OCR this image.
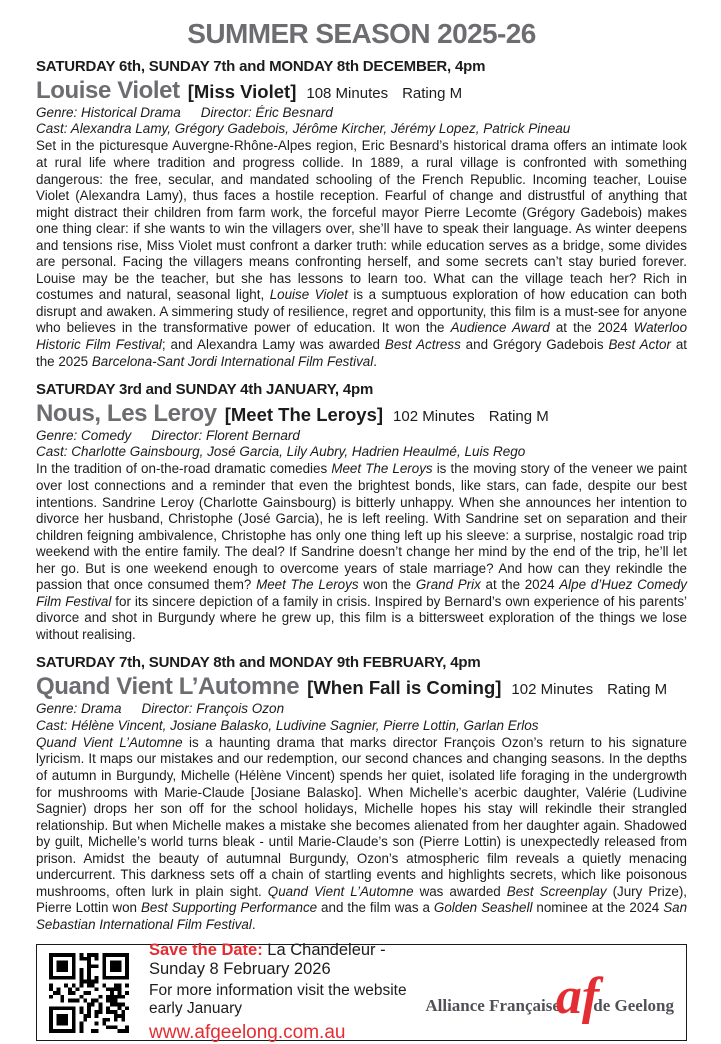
SUMMER SEASON 2025-26
SATURDAY 6th, SUNDAY 7th and MONDAY 8th DECEMBER, 4pm
Louise Violet [Miss Violet] 108 Minutes Rating M
Genre: Historical Drama Director: Éric Besnard
Cast: Alexandra Lamy, Grégory Gadebois, Jérôme Kircher, Jérémy Lopez, Patrick Pineau
Set in the picturesque Auvergne-Rhône-Alpes region, Eric Besnard’s historical drama offers an intimate look at rural life where tradition and progress collide. In 1889, a rural village is confronted with something dangerous: the free, secular, and mandated schooling of the French Republic. Incoming teacher, Louise Violet (Alexandra Lamy), thus faces a hostile reception. Fearful of change and distrustful of anything that might distract their children from farm work, the forceful mayor Pierre Lecomte (Grégory Gadebois) makes one thing clear: if she wants to win the villagers over, she’ll have to speak their language. As winter deepens and tensions rise, Miss Violet must confront a darker truth: while education serves as a bridge, some divides are personal. Facing the villagers means confronting herself, and some secrets can’t stay buried forever. Louise may be the teacher, but she has lessons to learn too. What can the village teach her? Rich in costumes and natural, seasonal light, Louise Violet is a sumptuous exploration of how education can both disrupt and awaken. A simmering study of resilience, regret and opportunity, this film is a must-see for anyone who believes in the transformative power of education. It won the Audience Award at the 2024 Waterloo Historic Film Festival; and Alexandra Lamy was awarded Best Actress and Grégory Gadebois Best Actor at the 2025 Barcelona-Sant Jordi International Film Festival.
SATURDAY 3rd and SUNDAY 4th JANUARY, 4pm
Nous, Les Leroy [Meet The Leroys] 102 Minutes Rating M
Genre: Comedy Director: Florent Bernard
Cast: Charlotte Gainsbourg, José Garcia, Lily Aubry, Hadrien Heaulmé, Luis Rego
In the tradition of on-the-road dramatic comedies Meet The Leroys is the moving story of the veneer we paint over lost connections and a reminder that even the brightest bonds, like stars, can fade, despite our best intentions. Sandrine Leroy (Charlotte Gainsbourg) is bitterly unhappy. When she announces her intention to divorce her husband, Christophe (José Garcia), he is left reeling. With Sandrine set on separation and their children feigning ambivalence, Christophe has only one thing left up his sleeve: a surprise, nostalgic road trip weekend with the entire family. The deal? If Sandrine doesn’t change her mind by the end of the trip, he’ll let her go. But is one weekend enough to overcome years of stale marriage? And how can they rekindle the passion that once consumed them? Meet The Leroys won the Grand Prix at the 2024 Alpe d’Huez Comedy Film Festival for its sincere depiction of a family in crisis. Inspired by Bernard’s own experience of his parents’ divorce and shot in Burgundy where he grew up, this film is a bittersweet exploration of the things we lose without realising.
SATURDAY 7th, SUNDAY 8th and MONDAY 9th FEBRUARY, 4pm
Quand Vient L’Automne [When Fall is Coming] 102 Minutes Rating M
Genre: Drama Director: François Ozon
Cast: Hélène Vincent, Josiane Balasko, Ludivine Sagnier, Pierre Lottin, Garlan Erlos
Quand Vient L’Automne is a haunting drama that marks director François Ozon’s return to his signature lyricism. It maps our mistakes and our redemption, our second chances and changing seasons. In the depths of autumn in Burgundy, Michelle (Hélène Vincent) spends her quiet, isolated life foraging in the undergrowth for mushrooms with Marie-Claude [Josiane Balasko]. When Michelle’s acerbic daughter, Valérie (Ludivine Sagnier) drops her son off for the school holidays, Michelle hopes his stay will rekindle their strangled relationship. But when Michelle makes a mistake she becomes alienated from her daughter again. Shadowed by guilt, Michelle’s world turns bleak - until Marie-Claude’s son (Pierre Lottin) is unexpectedly released from prison. Amidst the beauty of autumnal Burgundy, Ozon’s atmospheric film reveals a quietly menacing undercurrent. This darkness sets off a chain of startling events and highlights secrets, which like poisonous mushrooms, often lurk in plain sight. Quand Vient L’Automne was awarded Best Screenplay (Jury Prize), Pierre Lottin won Best Supporting Performance and the film was a Golden Seashell nominee at the 2024 San Sebastian International Film Festival.
Save the Date: La Chandeleur - Sunday 8 February 2026
For more information visit the website early January
www.afgeelong.com.au
Alliance Française
af
de Geelong
